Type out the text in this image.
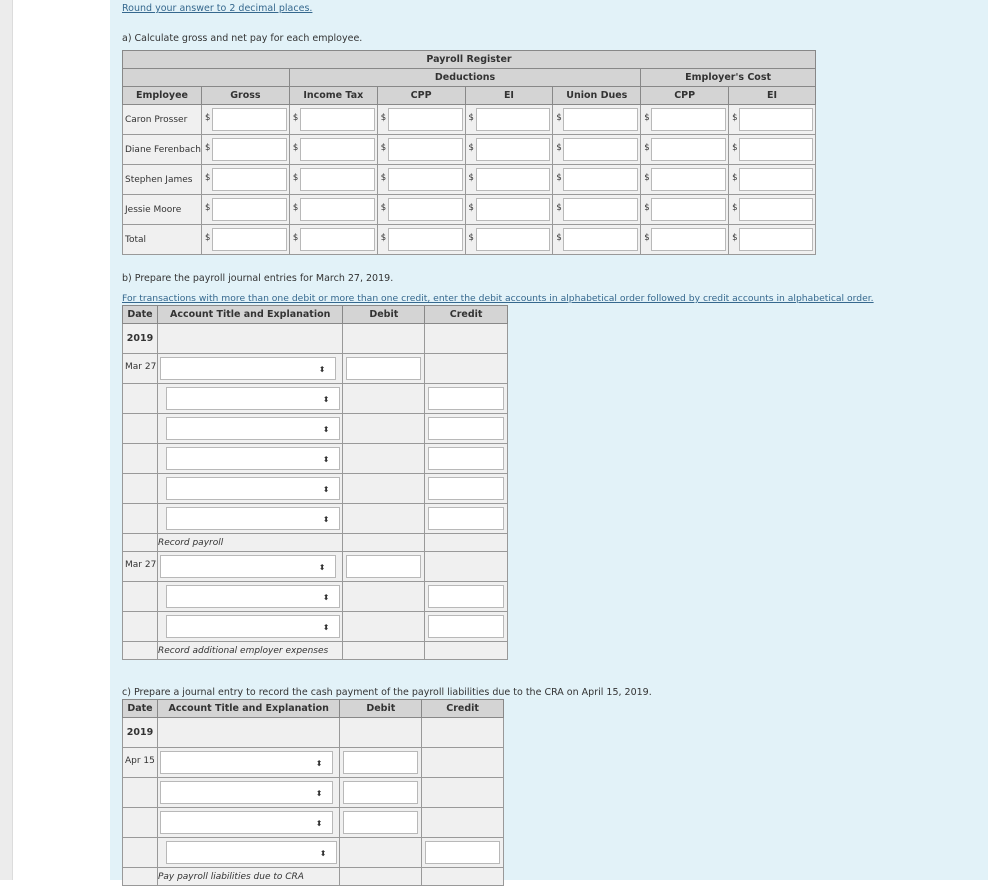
Round your answer to 2 decimal places.
a) Calculate gross and net pay for each employee.
Payroll Register							
		Deductions				Employer's Cost	
Employee	Gross	Income Tax	CPP	EI	Union Dues	CPP	EI
Caron Prosser	$	$	$	$	$	$	$

Diane Ferenbach	$	$	$	$	$	$	$

Stephen James	$	$	$	$	$	$	$

Jessie Moore	$	$	$	$	$	$	$

Total	$	$	$	$	$	$	$
b) Prepare the payroll journal entries for March 27, 2019.
For transactions with more than one debit or more than one credit, enter the debit accounts in alphabetical order followed by credit accounts in alphabetical order.
Date	Account Title and Explanation	Debit	Credit
2019			
Mar 27	⬍		

	⬍		

	⬍		

	⬍		

	⬍		

	⬍		

	Record payroll		
Mar 27	⬍		

	⬍		

	⬍		

	Record additional employer expenses		
c) Prepare a journal entry to record the cash payment of the payroll liabilities due to the CRA on April 15, 2019.
Date	Account Title and Explanation	Debit	Credit
2019			
Apr 15	⬍		

	⬍		

	⬍		

	⬍		

	Pay payroll liabilities due to CRA		
